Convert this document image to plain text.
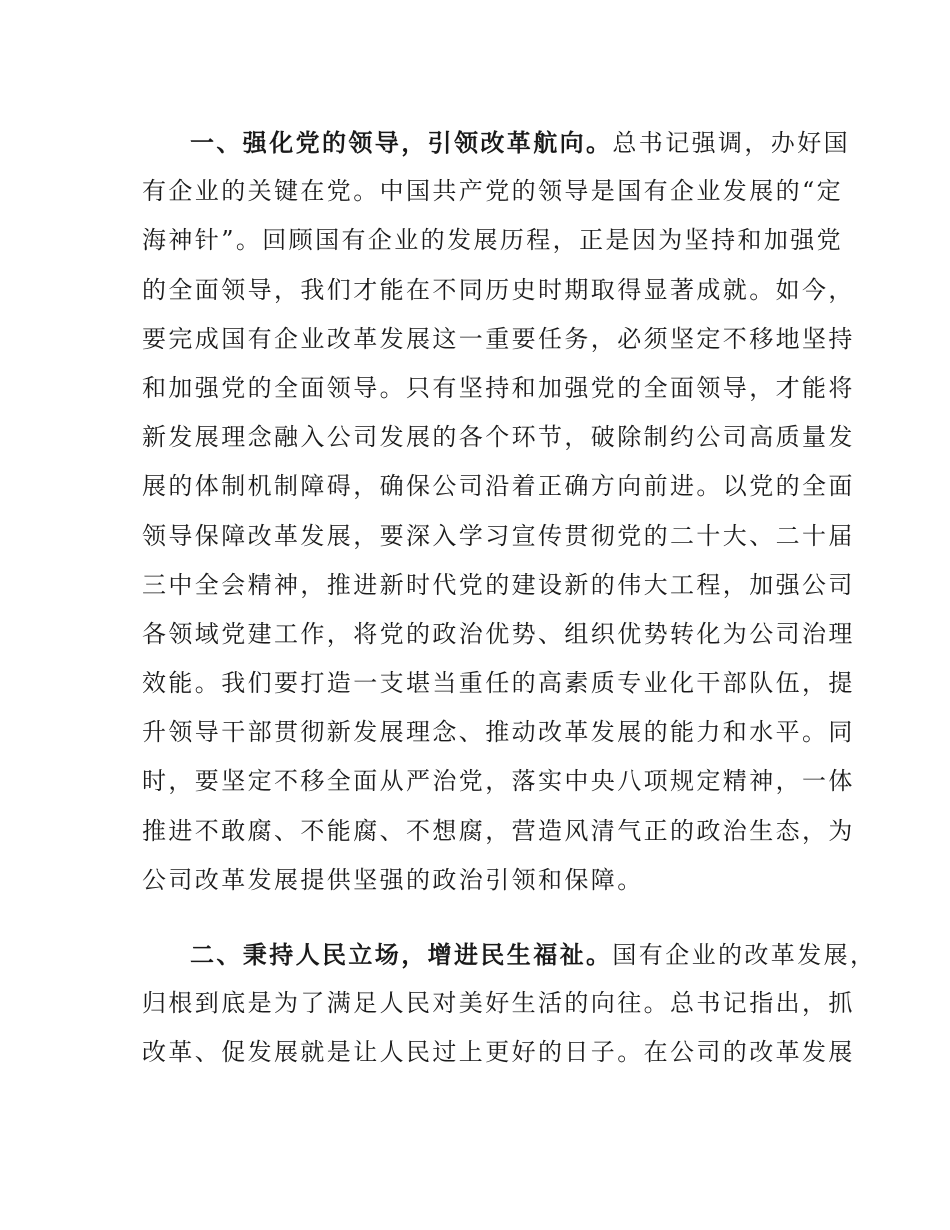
一、强化党的领导，引领改革航向。总书记强调，办好国
有企业的关键在党。中国共产党的领导是国有企业发展的“定
海神针”。回顾国有企业的发展历程，正是因为坚持和加强党
的全面领导，我们才能在不同历史时期取得显著成就。如今，
要完成国有企业改革发展这一重要任务，必须坚定不移地坚持
和加强党的全面领导。只有坚持和加强党的全面领导，才能将
新发展理念融入公司发展的各个环节，破除制约公司高质量发
展的体制机制障碍，确保公司沿着正确方向前进。以党的全面
领导保障改革发展，要深入学习宣传贯彻党的二十大、二十届
三中全会精神，推进新时代党的建设新的伟大工程，加强公司
各领域党建工作，将党的政治优势、组织优势转化为公司治理
效能。我们要打造一支堪当重任的高素质专业化干部队伍，提
升领导干部贯彻新发展理念、推动改革发展的能力和水平。同
时，要坚定不移全面从严治党，落实中央八项规定精神，一体
推进不敢腐、不能腐、不想腐，营造风清气正的政治生态，为
公司改革发展提供坚强的政治引领和保障。
二、秉持人民立场，增进民生福祉。国有企业的改革发展，
归根到底是为了满足人民对美好生活的向往。总书记指出，抓
改革、促发展就是让人民过上更好的日子。在公司的改革发展
